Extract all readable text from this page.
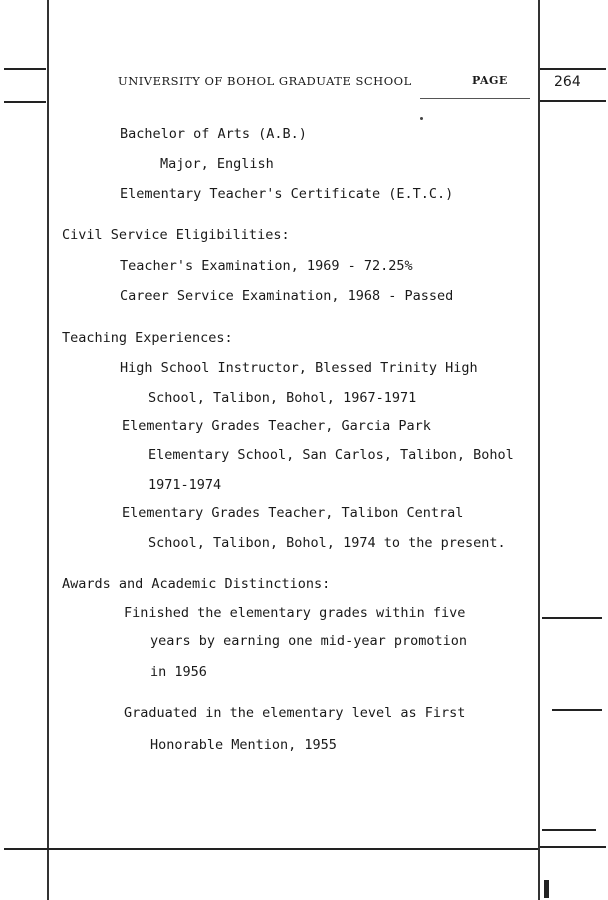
UNIVERSITY OF BOHOL GRADUATE SCHOOL	PAGE	264
Bachelor of Arts (A.B.)
Major, English
Elementary Teacher's Certificate (E.T.C.)
Civil Service Eligibilities:
Teacher's Examination, 1969 - 72.25%
Career Service Examination, 1968 - Passed
Teaching Experiences:
High School Instructor, Blessed Trinity High
School, Talibon, Bohol, 1967-1971
Elementary Grades Teacher, Garcia Park
Elementary School, San Carlos, Talibon, Bohol
1971-1974
Elementary Grades Teacher, Talibon Central
School, Talibon, Bohol, 1974 to the present.
Awards and Academic Distinctions:
Finished the elementary grades within five
years by earning one mid-year promotion
in 1956
Graduated in the elementary level as First
Honorable Mention, 1955
